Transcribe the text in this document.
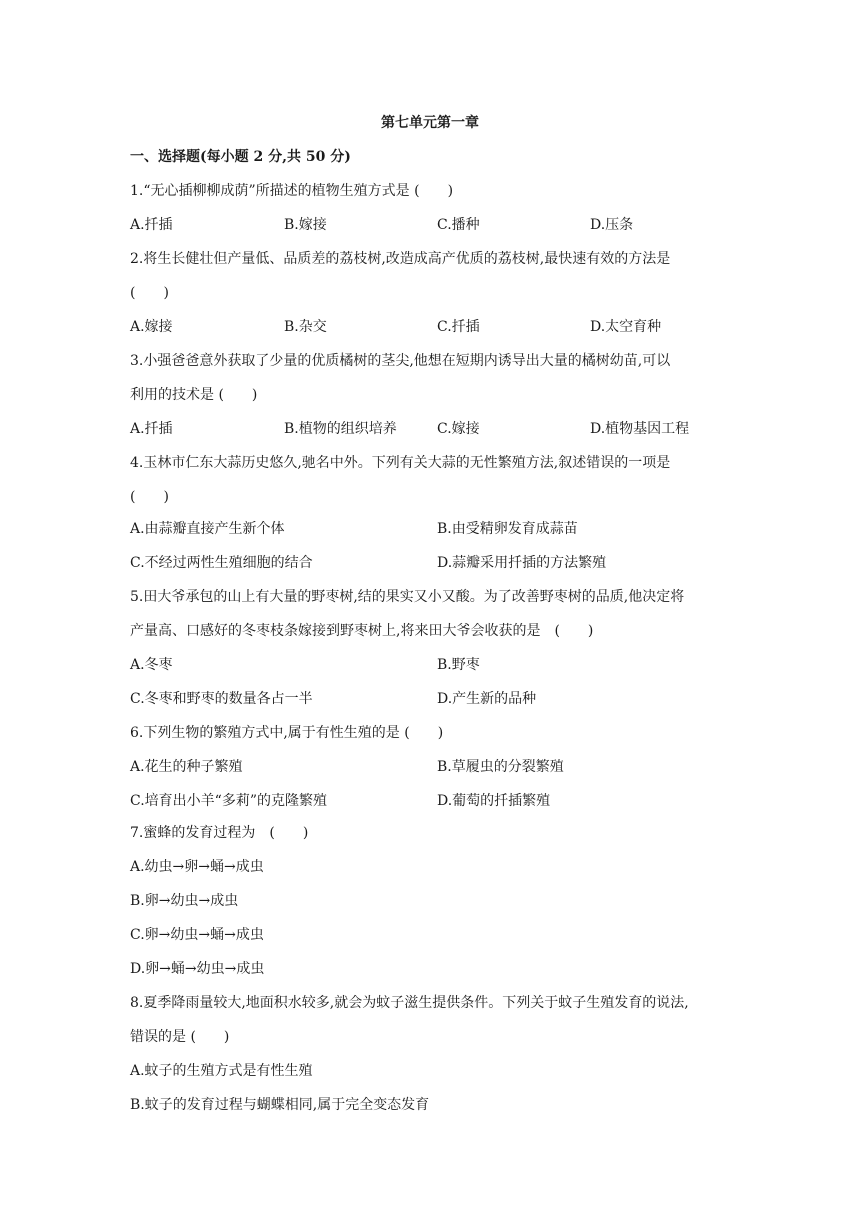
第七单元第一章
一、选择题(每小题 2 分,共 50 分)
1.“无心插柳柳成荫”所描述的植物生殖方式是 (　　)
A.扦插	B.嫁接	C.播种	D.压条
2.将生长健壮但产量低、品质差的荔枝树,改造成高产优质的荔枝树,最快速有效的方法是
(　　)
A.嫁接	B.杂交	C.扦插	D.太空育种
3.小强爸爸意外获取了少量的优质橘树的茎尖,他想在短期内诱导出大量的橘树幼苗,可以
利用的技术是 (　　)
A.扦插	B.植物的组织培养	C.嫁接	D.植物基因工程
4.玉林市仁东大蒜历史悠久,驰名中外。下列有关大蒜的无性繁殖方法,叙述错误的一项是
(　　)
A.由蒜瓣直接产生新个体	B.由受精卵发育成蒜苗
C.不经过两性生殖细胞的结合	D.蒜瓣采用扦插的方法繁殖
5.田大爷承包的山上有大量的野枣树,结的果实又小又酸。为了改善野枣树的品质,他决定将
产量高、口感好的冬枣枝条嫁接到野枣树上,将来田大爷会收获的是　(　　)
A.冬枣	B.野枣
C.冬枣和野枣的数量各占一半	D.产生新的品种
6.下列生物的繁殖方式中,属于有性生殖的是 (　　)
A.花生的种子繁殖	B.草履虫的分裂繁殖
C.培育出小羊“多莉”的克隆繁殖	D.葡萄的扦插繁殖
7.蜜蜂的发育过程为　(　　)
A.幼虫→卵→蛹→成虫
B.卵→幼虫→成虫
C.卵→幼虫→蛹→成虫
D.卵→蛹→幼虫→成虫
8.夏季降雨量较大,地面积水较多,就会为蚊子滋生提供条件。下列关于蚊子生殖发育的说法,
错误的是 (　　)
A.蚊子的生殖方式是有性生殖
B.蚊子的发育过程与蝴蝶相同,属于完全变态发育
